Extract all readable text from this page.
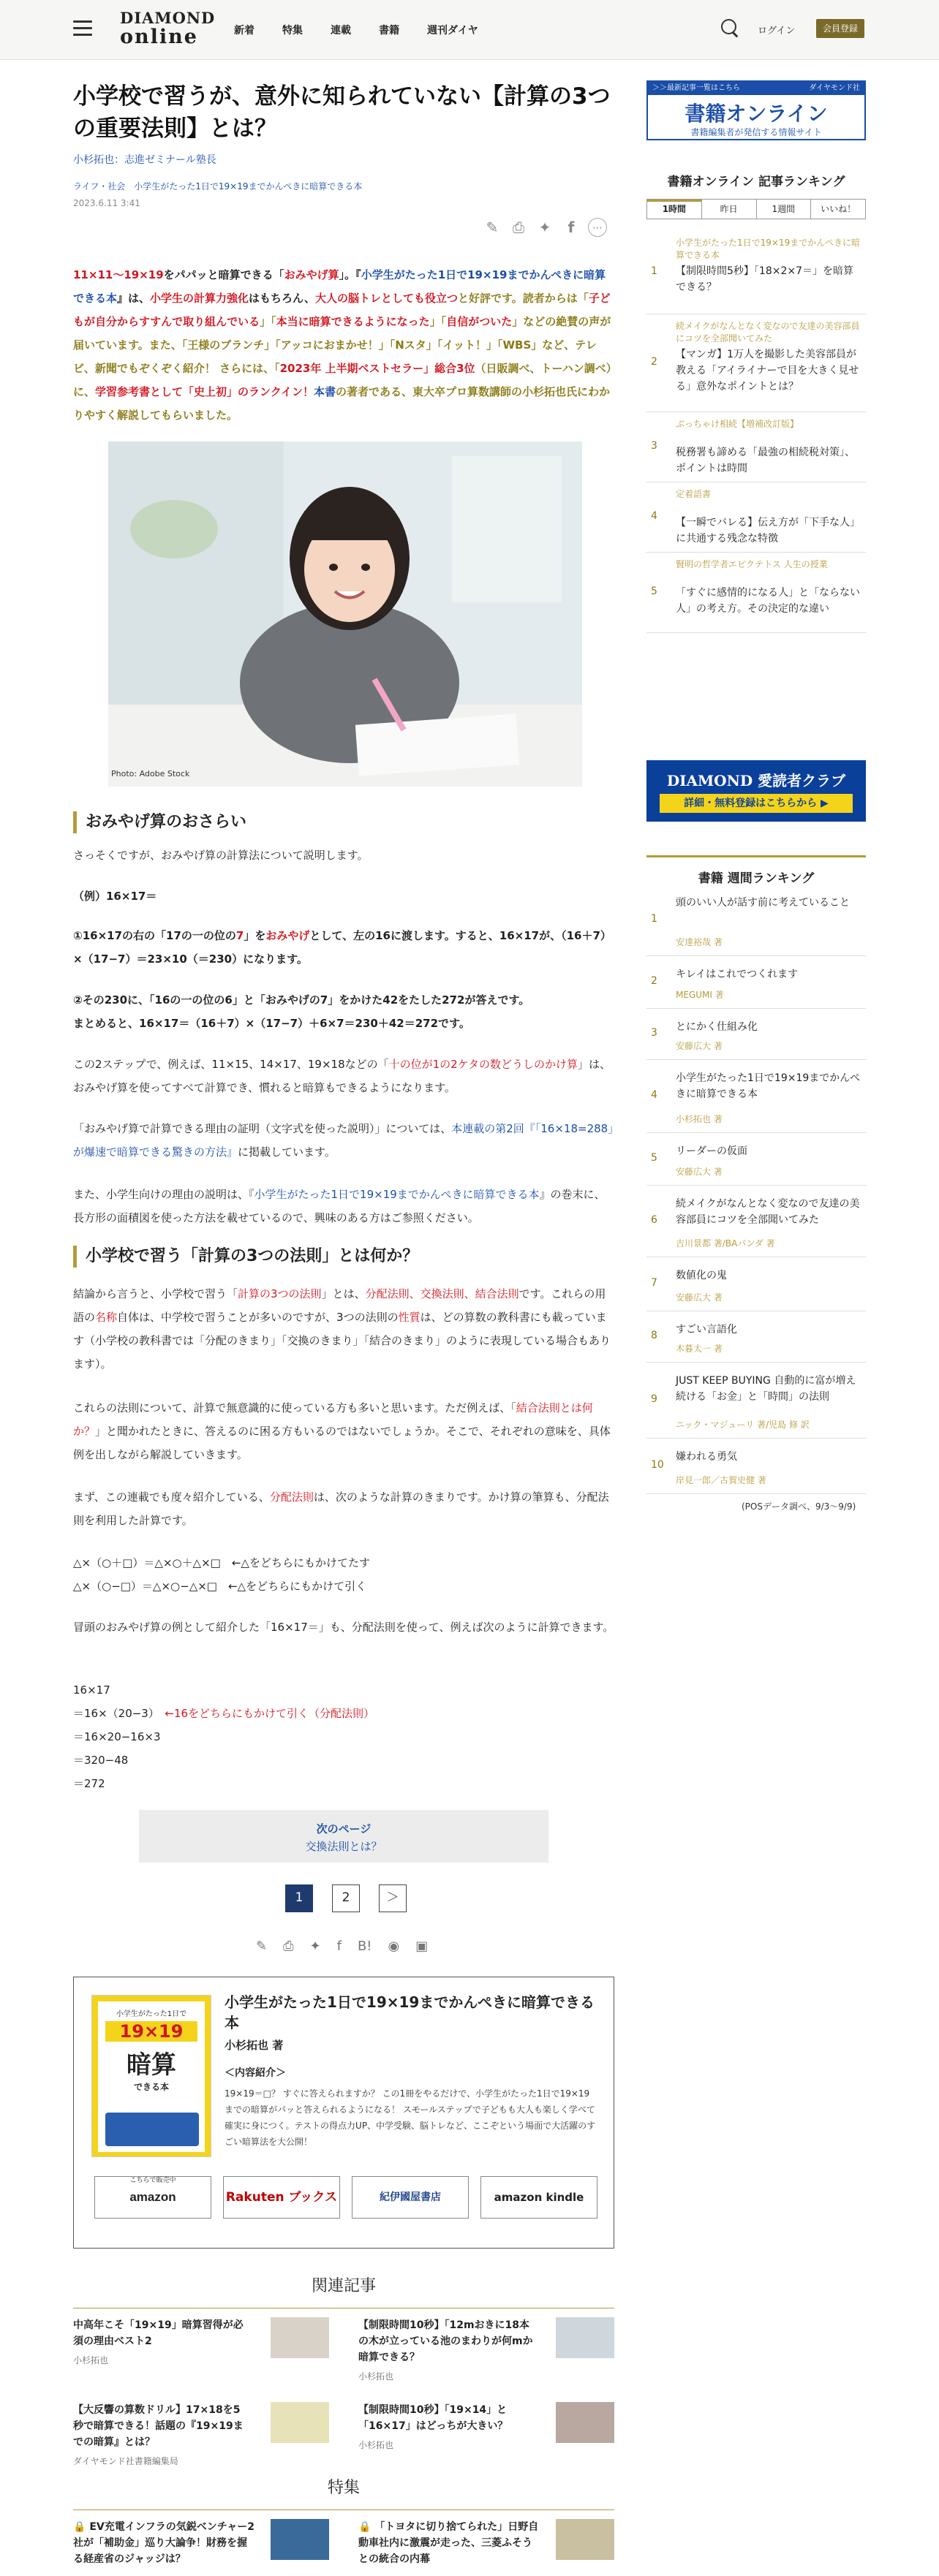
DIAMOND
online	新着	特集	連載	書籍	週刊ダイヤ	ログイン	会員登録
小学校で習うが、意外に知られていない【計算の3つの重要法則】とは？
小杉拓也：志進ゼミナール塾長
ライフ・社会　小学生がたった1日で19×19までかんぺきに暗算できる本
2023.6.11 3:41
✎ ⎙ ✦	f	⋯
11×11〜19×19をパパッと暗算できる「おみやげ算」。『小学生がたった1日で19×19までかんぺきに暗算できる本』は、小学生の計算力強化はもちろん、大人の脳トレとしても役立つと好評です。読者からは「子どもが自分からすすんで取り組んでいる」「本当に暗算できるようになった」「自信がついた」などの絶賛の声が届いています。また、「王様のブランチ」「アッコにおまかせ！」「Nスタ」「イット！」「WBS」など、テレビ、新聞でもぞくぞく紹介！ さらには、「2023年 上半期ベストセラー」総合3位（日販調べ、トーハン調べ）に、学習参考書として「史上初」のランクイン！本書の著者である、東大卒プロ算数講師の小杉拓也氏にわかりやすく解説してもらいました。
Photo: Adobe Stock
おみやげ算のおさらい
さっそくですが、おみやげ算の計算法について説明します。
（例）16×17＝
①16×17の右の「17の一の位の7」をおみやげとして、左の16に渡します。すると、16×17が、（16＋7）×（17−7）＝23×10（＝230）になります。
②その230に、「16の一の位の6」と「おみやげの7」をかけた42をたした272が答えです。
まとめると、16×17＝（16＋7）×（17−7）＋6×7＝230＋42＝272です。
この2ステップで、例えば、11×15、14×17、19×18などの「十の位が1の2ケタの数どうしのかけ算」は、おみやげ算を使ってすべて計算でき、慣れると暗算もできるようになります。
「おみやげ算で計算できる理由の証明（文字式を使った説明）」については、本連載の第2回『「16×18=288」が爆速で暗算できる驚きの方法』に掲載しています。
また、小学生向けの理由の説明は、『小学生がたった1日で19×19までかんぺきに暗算できる本』の巻末に、長方形の面積図を使った方法を載せているので、興味のある方はご参照ください。
小学校で習う「計算の3つの法則」とは何か？
結論から言うと、小学校で習う「計算の3つの法則」とは、分配法則、交換法則、結合法則です。これらの用語の名称自体は、中学校で習うことが多いのですが、3つの法則の性質は、どの算数の教科書にも載っています（小学校の教科書では「分配のきまり」「交換のきまり」「結合のきまり」のように表現している場合もあります）。
これらの法則について、計算で無意識的に使っている方も多いと思います。ただ例えば、「結合法則とは何か？」と聞かれたときに、答えるのに困る方もいるのではないでしょうか。そこで、それぞれの意味を、具体例を出しながら解説していきます。
まず、この連載でも度々紹介している、分配法則は、次のような計算のきまりです。かけ算の筆算も、分配法則を利用した計算です。
△×（○＋□）＝△×○＋△×□　←△をどちらにもかけてたす
△×（○−□）＝△×○−△×□　←△をどちらにもかけて引く
冒頭のおみやげ算の例として紹介した「16×17＝」も、分配法則を使って、例えば次のように計算できます。
16×17
＝16×（20−3）　 ←16をどちらにもかけて引く（分配法則）
＝16×20−16×3
＝320−48
＝272
次のページ
交換法則とは？
1	2	＞
✎ ⎙ ✦ f B! ◉ ▣
小学生がたった1日で
19×19
暗算
できる本
小学生がたった1日で19×19までかんぺきに暗算できる本
小杉拓也 著
＜内容紹介＞
19×19＝□？ すぐに答えられますか？ この1冊をやるだけで、小学生がたった1日で19×19までの暗算がパッと答えられるようになる！ スモールステップで子どもも大人も楽しく学べて確実に身につく。テストの得点力UP、中学受験、脳トレなど、ここぞという場面で大活躍のすごい暗算法を大公開！
こちらで販売中
amazon	Rakuten ブックス	紀伊國屋書店	amazon kindle
関連記事
中高年こそ「19×19」暗算習得が必須の理由ベスト2
小杉拓也
【制限時間10秒】「12mおきに18本の木が立っている池のまわりが何mか暗算できる？
小杉拓也
【大反響の算数ドリル】17×18を5秒で暗算できる！話題の『19×19までの暗算』とは？
ダイヤモンド社書籍編集局
【制限時間10秒】「19×14」と「16×17」はどっちが大きい？
小杉拓也
特集
🔒 EV充電インフラの気鋭ベンチャー2社が「補助金」巡り大論争！財務を握る経産省のジャッジは？
🔒 「トヨタに切り捨てられた」日野自動車社内に激震が走った、三菱ふそうとの統合の内幕
＞＞最新記事一覧はこちら	ダイヤモンド社
書籍オンライン
書籍編集者が発信する情報サイト
書籍オンライン 記事ランキング
1時間	昨日	1週間	いいね！
1
小学生がたった1日で19×19までかんぺきに暗算できる本
【制限時間5秒】「18×2×7＝」を暗算できる？
2
続メイクがなんとなく変なので友達の美容部員にコツを全部聞いてみた
【マンガ】1万人を撮影した美容部員が教える「アイライナーで目を大きく見せる」意外なポイントとは？
3
ぶっちゃけ相続【増補改訂版】
税務署も諦める「最強の相続税対策」、ポイントは時間
4
定着語書
【一瞬でバレる】伝え方が「下手な人」に共通する残念な特徴
5
賢明の哲学者エピクテトス 人生の授業
「すぐに感情的になる人」と「ならない人」の考え方。その決定的な違い
DIAMOND 愛読者クラブ
詳細・無料登録はこちらから ▶
書籍 週間ランキング
1
頭のいい人が話す前に考えていること
安達裕哉 著
2
キレイはこれでつくれます
MEGUMI 著
3 とにかく仕組み化
安藤広大 著
4
小学生がたった1日で19×19までかんぺきに暗算できる本
小杉拓也 著
5
リーダーの仮面
安藤広大 著
6
続メイクがなんとなく変なので友達の美容部員にコツを全部聞いてみた
吉川景都 著/BAパンダ 著
7
数値化の鬼
安藤広大 著
8 すごい言語化
木暮太一 著
9
JUST KEEP BUYING 自動的に富が増え続ける「お金」と「時間」の法則
ニック・マジューリ 著/児島 修 訳
10
嫌われる勇気
岸見一郎／古賀史健 著
(POSデータ調べ、9/3〜9/9)
